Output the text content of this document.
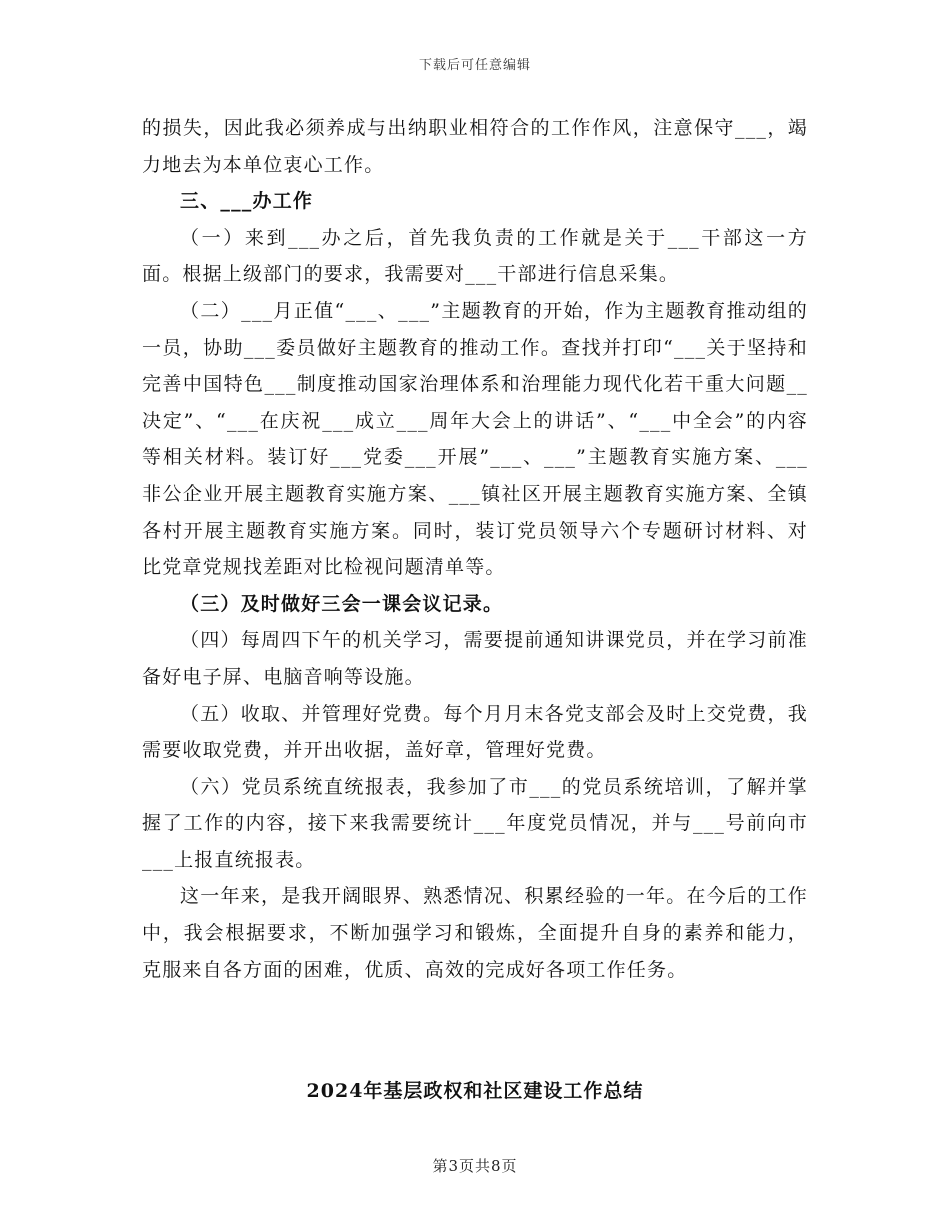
下载后可任意编辑

的损失，因此我必须养成与出纳职业相符合的工作作风，注意保守___，竭力地去为本单位衷心工作。

三、___办工作

（一）来到___办之后，首先我负责的工作就是关于___干部这一方面。根据上级部门的要求，我需要对___干部进行信息采集。

（二）___月正值“___、___”主题教育的开始，作为主题教育推动组的一员，协助___委员做好主题教育的推动工作。查找并打印“___关于坚持和完善中国特色___制度推动国家治理体系和治理能力现代化若干重大问题__决定”、“___在庆祝___成立___周年大会上的讲话”、“___中全会”的内容等相关材料。装订好___党委___开展”___、___”主题教育实施方案、___非公企业开展主题教育实施方案、___镇社区开展主题教育实施方案、全镇各村开展主题教育实施方案。同时，装订党员领导六个专题研讨材料、对比党章党规找差距对比检视问题清单等。

（三）及时做好三会一课会议记录。

（四）每周四下午的机关学习，需要提前通知讲课党员，并在学习前准备好电子屏、电脑音响等设施。

（五）收取、并管理好党费。每个月月末各党支部会及时上交党费，我需要收取党费，并开出收据，盖好章，管理好党费。

（六）党员系统直统报表，我参加了市___的党员系统培训，了解并掌握了工作的内容，接下来我需要统计___年度党员情况，并与___号前向市___上报直统报表。

这一年来，是我开阔眼界、熟悉情况、积累经验的一年。在今后的工作中，我会根据要求，不断加强学习和锻炼，全面提升自身的素养和能力，克服来自各方面的困难，优质、高效的完成好各项工作任务。

2024年基层政权和社区建设工作总结
第3页共8页
